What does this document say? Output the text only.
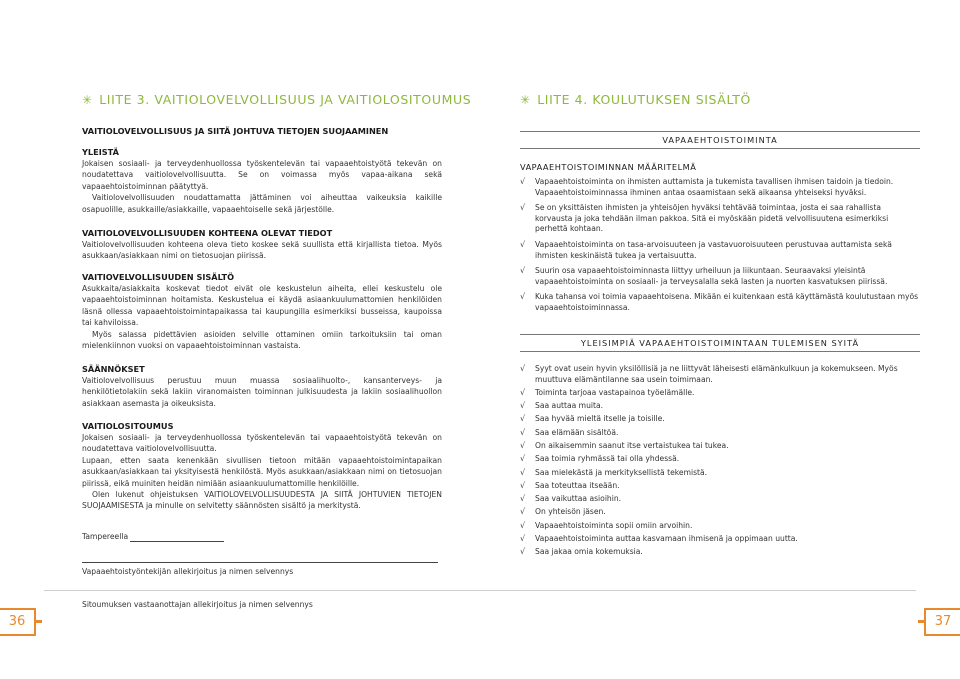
✳ LIITE 3. VAITIOLOVELVOLLISUUS JA VAITIOLOSITOUMUS
VAITIOLOVELVOLLISUUS JA SIITÄ JOHTUVA TIETOJEN SUOJAAMINEN
YLEISTÄ

Jokaisen sosiaali- ja terveydenhuollossa työskentelevän tai vapaaehtoistyötä tekevän on noudatettava vaitiolovelvollisuutta. Se on voimassa myös vapaa-aikana sekä vapaaehtoistoiminnan päätyttyä.

Vaitiolovelvollisuuden noudattamatta jättäminen voi aiheuttaa vaikeuksia kaikille osapuolille, asukkaille/asiakkaille, vapaaehtoiselle sekä järjestölle.

VAITIOLOVELVOLLISUUDEN KOHTEENA OLEVAT TIEDOT

Vaitiolovelvollisuuden kohteena oleva tieto koskee sekä suullista että kirjallista tietoa. Myös asukkaan/asiakkaan nimi on tietosuojan piirissä.

VAITIOVELVOLLISUUDEN SISÄLTÖ

Asukkaita/asiakkaita koskevat tiedot eivät ole keskustelun aiheita, ellei keskustelu ole vapaaehtoistoiminnan hoitamista. Keskustelua ei käydä asiaankuulumattomien henkilöiden läsnä ollessa vapaaehtoistoimintapaikassa tai kaupungilla esimerkiksi busseissa, kaupoissa tai kahviloissa.

Myös salassa pidettävien asioiden selville ottaminen omiin tarkoituksiin tai oman mielenkiinnon vuoksi on vapaaehtoistoiminnan vastaista.

SÄÄNNÖKSET

Vaitiolovelvollisuus perustuu muun muassa sosiaalihuolto-, kansanterveys- ja henkilötietolakiin sekä lakiin viranomaisten toiminnan julkisuudesta ja lakiin sosiaalihuollon asiakkaan asemasta ja oikeuksista.

VAITIOLOSITOUMUS

Jokaisen sosiaali- ja terveydenhuollossa työskentelevän tai vapaaehtoistyötä tekevän on noudatettava vaitiolovelvollisuutta.

Lupaan, etten saata kenenkään sivullisen tietoon mitään vapaaehtoistoimintapaikan asukkaan/asiakkaan tai yksityisestä henkilöstä. Myös asukkaan/asiakkaan nimi on tietosuojan piirissä, eikä muiniten heidän nimiään asiaankuulumattomille henkilöille.

Olen lukenut ohjeistuksen VAITIOLOVELVOLLISUUDESTA JA SIITÄ JOHTUVIEN TIETOJEN SUOJAAMISESTA ja minulle on selvitetty säännösten sisältö ja merkitystä.

Tampereella
Vapaaehtoistyöntekijän allekirjoitus ja nimen selvennys
Sitoumuksen vastaanottajan allekirjoitus ja nimen selvennys
36
✳ LIITE 4. KOULUTUKSEN SISÄLTÖ
VAPAAEHTOISTOIMINTA
VAPAAEHTOISTOIMINNAN MÄÄRITELMÄ
√ Vapaaehtoistoiminta on ihmisten auttamista ja tukemista tavallisen ihmisen taidoin ja tiedoin. Vapaaehtoistoiminnassa ihminen antaa osaamistaan sekä aikaansa yhteiseksi hyväksi.
√ Se on yksittäisten ihmisten ja yhteisöjen hyväksi tehtävää toimintaa, josta ei saa rahallista korvausta ja joka tehdään ilman pakkoa. Sitä ei myöskään pidetä velvollisuutena esimerkiksi perhettä kohtaan.
√ Vapaaehtoistoiminta on tasa-arvoisuuteen ja vastavuoroisuuteen perustuvaa auttamista sekä ihmisten keskinäistä tukea ja vertaisuutta.
√ Suurin osa vapaaehtoistoiminnasta liittyy urheiluun ja liikuntaan. Seuraavaksi yleisintä vapaaehtoistoiminta on sosiaali- ja terveysalalla sekä lasten ja nuorten kasvatuksen piirissä.
√ Kuka tahansa voi toimia vapaaehtoisena. Mikään ei kuitenkaan estä käyttämästä koulutustaan myös vapaaehtoistoiminnassa.
YLEISIMPIÄ VAPAAEHTOISTOIMINTAAN TULEMISEN SYITÄ
√ Syyt ovat usein hyvin yksilöllisiä ja ne liittyvät läheisesti elämänkulkuun ja kokemukseen. Myös muuttuva elämäntilanne saa usein toimimaan.
√ Toiminta tarjoaa vastapainoa työelämälle.
√ Saa auttaa muita.
√ Saa hyvää mieltä itselle ja toisille.
√ Saa elämään sisältöä.
√ On aikaisemmin saanut itse vertaistukea tai tukea.
√ Saa toimia ryhmässä tai olla yhdessä.
√ Saa mielekästä ja merkityksellistä tekemistä.
√ Saa toteuttaa itseään.
√ Saa vaikuttaa asioihin.
√ On yhteisön jäsen.
√ Vapaaehtoistoiminta sopii omiin arvoihin.
√ Vapaaehtoistoiminta auttaa kasvamaan ihmisenä ja oppimaan uutta.
√ Saa jakaa omia kokemuksia.
37
